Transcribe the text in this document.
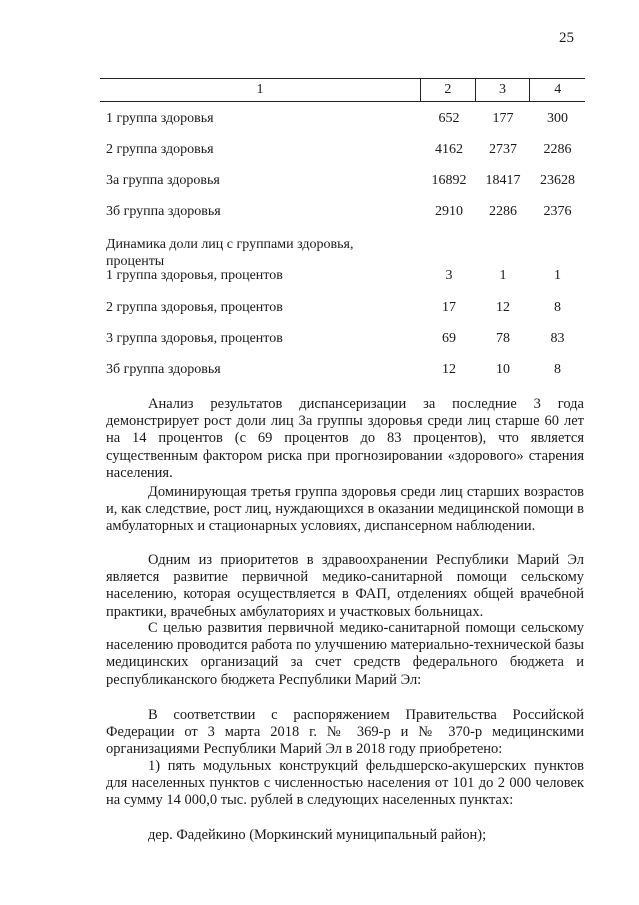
25
1	2	3	4
1 группа здоровья	652	177	300
2 группа здоровья	4162	2737	2286
3а группа здоровья	16892	18417	23628
3б группа здоровья	2910	2286	2376
Динамика доли лиц с группами здоровья, проценты
1 группа здоровья, процентов	3	1	1
2 группа здоровья, процентов	17	12	8
3 группа здоровья, процентов	69	78	83
3б группа здоровья	12	10	8
Анализ результатов диспансеризации за последние 3 года демонстрирует рост доли лиц 3а группы здоровья среди лиц старше 60 лет на 14 процентов (с 69 процентов до 83 процентов), что является существенным фактором риска при прогнозировании «здорового» старения населения.
Доминирующая третья группа здоровья среди лиц старших возрастов и, как следствие, рост лиц, нуждающихся в оказании медицинской помощи в амбулаторных и стационарных условиях, диспансерном наблюдении.
Одним из приоритетов в здравоохранении Республики Марий Эл является развитие первичной медико-санитарной помощи сельскому населению, которая осуществляется в ФАП, отделениях общей врачебной практики, врачебных амбулаториях и участковых больницах.
С целью развития первичной медико-санитарной помощи сельскому населению проводится работа по улучшению материально-технической базы медицинских организаций за счет средств федерального бюджета и республиканского бюджета Республики Марий Эл:
В соответствии с распоряжением Правительства Российской Федерации от 3 марта 2018 г. № 369-р и № 370-р медицинскими организациями Республики Марий Эл в 2018 году приобретено:
1) пять модульных конструкций фельдшерско-акушерских пунктов для населенных пунктов с численностью населения от 101 до 2 000 человек на сумму 14 000,0 тыс. рублей в следующих населенных пунктах:
дер. Фадейкино (Моркинский муниципальный район);
